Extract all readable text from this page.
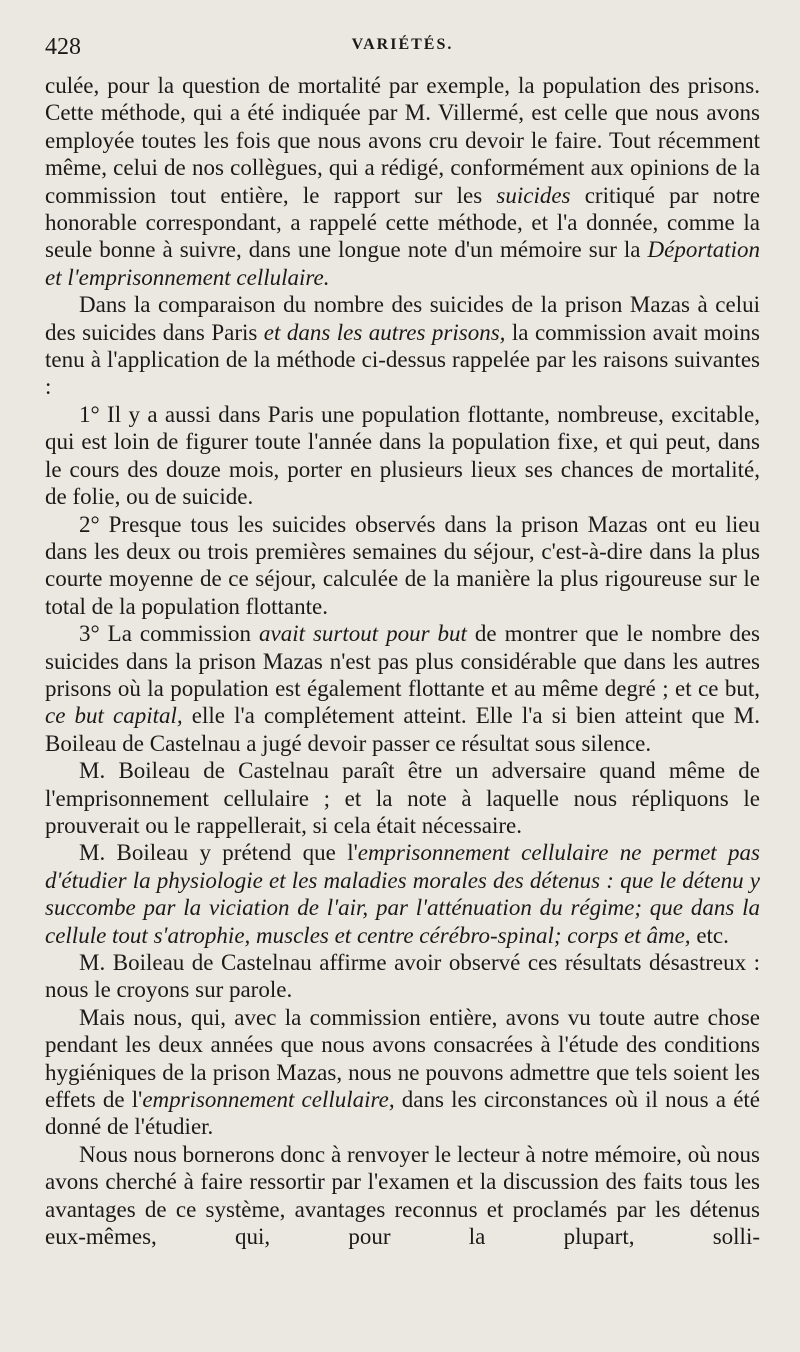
428	VARIÉTÉS.

culée, pour la question de mortalité par exemple, la population des prisons. Cette méthode, qui a été indiquée par M. Villermé, est celle que nous avons employée toutes les fois que nous avons cru devoir le faire. Tout récemment même, celui de nos collègues, qui a rédigé, conformément aux opinions de la commission tout entière, le rapport sur les suicides critiqué par notre honorable correspondant, a rappelé cette méthode, et l'a donnée, comme la seule bonne à suivre, dans une longue note d'un mémoire sur la Déportation et l'emprisonnement cellulaire.

Dans la comparaison du nombre des suicides de la prison Mazas à celui des suicides dans Paris et dans les autres prisons, la commission avait moins tenu à l'application de la méthode ci-dessus rappelée par les raisons suivantes :

1° Il y a aussi dans Paris une population flottante, nombreuse, excitable, qui est loin de figurer toute l'année dans la population fixe, et qui peut, dans le cours des douze mois, porter en plusieurs lieux ses chances de mortalité, de folie, ou de suicide.

2° Presque tous les suicides observés dans la prison Mazas ont eu lieu dans les deux ou trois premières semaines du séjour, c'est-à-dire dans la plus courte moyenne de ce séjour, calculée de la manière la plus rigoureuse sur le total de la population flottante.

3° La commission avait surtout pour but de montrer que le nombre des suicides dans la prison Mazas n'est pas plus considérable que dans les autres prisons où la population est également flottante et au même degré ; et ce but, ce but capital, elle l'a complétement atteint. Elle l'a si bien atteint que M. Boileau de Castelnau a jugé devoir passer ce résultat sous silence.

M. Boileau de Castelnau paraît être un adversaire quand même de l'emprisonnement cellulaire ; et la note à laquelle nous répliquons le prouverait ou le rappellerait, si cela était nécessaire.

M. Boileau y prétend que l'emprisonnement cellulaire ne permet pas d'étudier la physiologie et les maladies morales des détenus : que le détenu y succombe par la viciation de l'air, par l'atténuation du régime; que dans la cellule tout s'atrophie, muscles et centre cérébro-spinal; corps et âme, etc.

M. Boileau de Castelnau affirme avoir observé ces résultats désastreux : nous le croyons sur parole.

Mais nous, qui, avec la commission entière, avons vu toute autre chose pendant les deux années que nous avons consacrées à l'étude des conditions hygiéniques de la prison Mazas, nous ne pouvons admettre que tels soient les effets de l'emprisonnement cellulaire, dans les circonstances où il nous a été donné de l'étudier.

Nous nous bornerons donc à renvoyer le lecteur à notre mémoire, où nous avons cherché à faire ressortir par l'examen et la discussion des faits tous les avantages de ce système, avantages reconnus et proclamés par les détenus eux-mêmes, qui, pour la plupart, solli-
